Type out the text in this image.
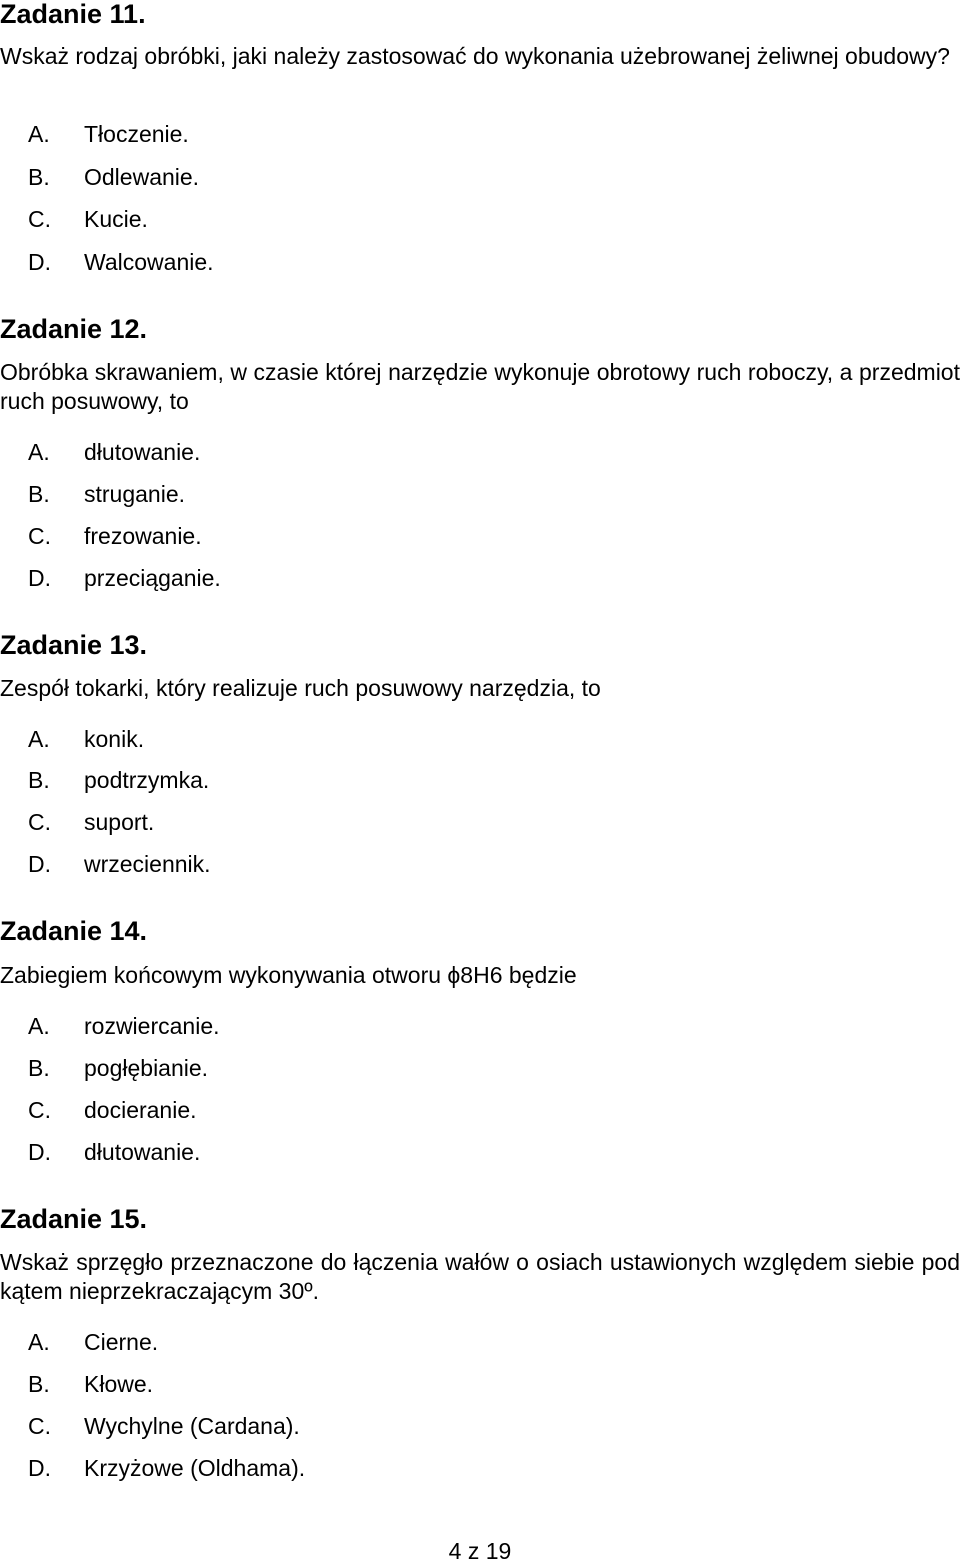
Zadanie 11.
Wskaż rodzaj obróbki, jaki należy zastosować do wykonania użebrowanej żeliwnej obudowy?
A. Tłoczenie.
B. Odlewanie.
C. Kucie.
D. Walcowanie.
Zadanie 12.
Obróbka skrawaniem, w czasie której narzędzie wykonuje obrotowy ruch roboczy, a przedmiot ruch posuwowy, to
A. dłutowanie.
B. struganie.
C. frezowanie.
D. przeciąganie.
Zadanie 13.
Zespół tokarki, który realizuje ruch posuwowy narzędzia, to
A. konik.
B. podtrzymka.
C. suport.
D. wrzeciennik.
Zadanie 14.
Zabiegiem końcowym wykonywania otworu ϕ8H6 będzie
A. rozwiercanie.
B. pogłębianie.
C. docieranie.
D. dłutowanie.
Zadanie 15.
Wskaż sprzęgło przeznaczone do łączenia wałów o osiach ustawionych względem siebie pod kątem nieprzekraczającym 30º.
A. Cierne.
B. Kłowe.
C. Wychylne (Cardana).
D. Krzyżowe (Oldhama).
4 z 19
